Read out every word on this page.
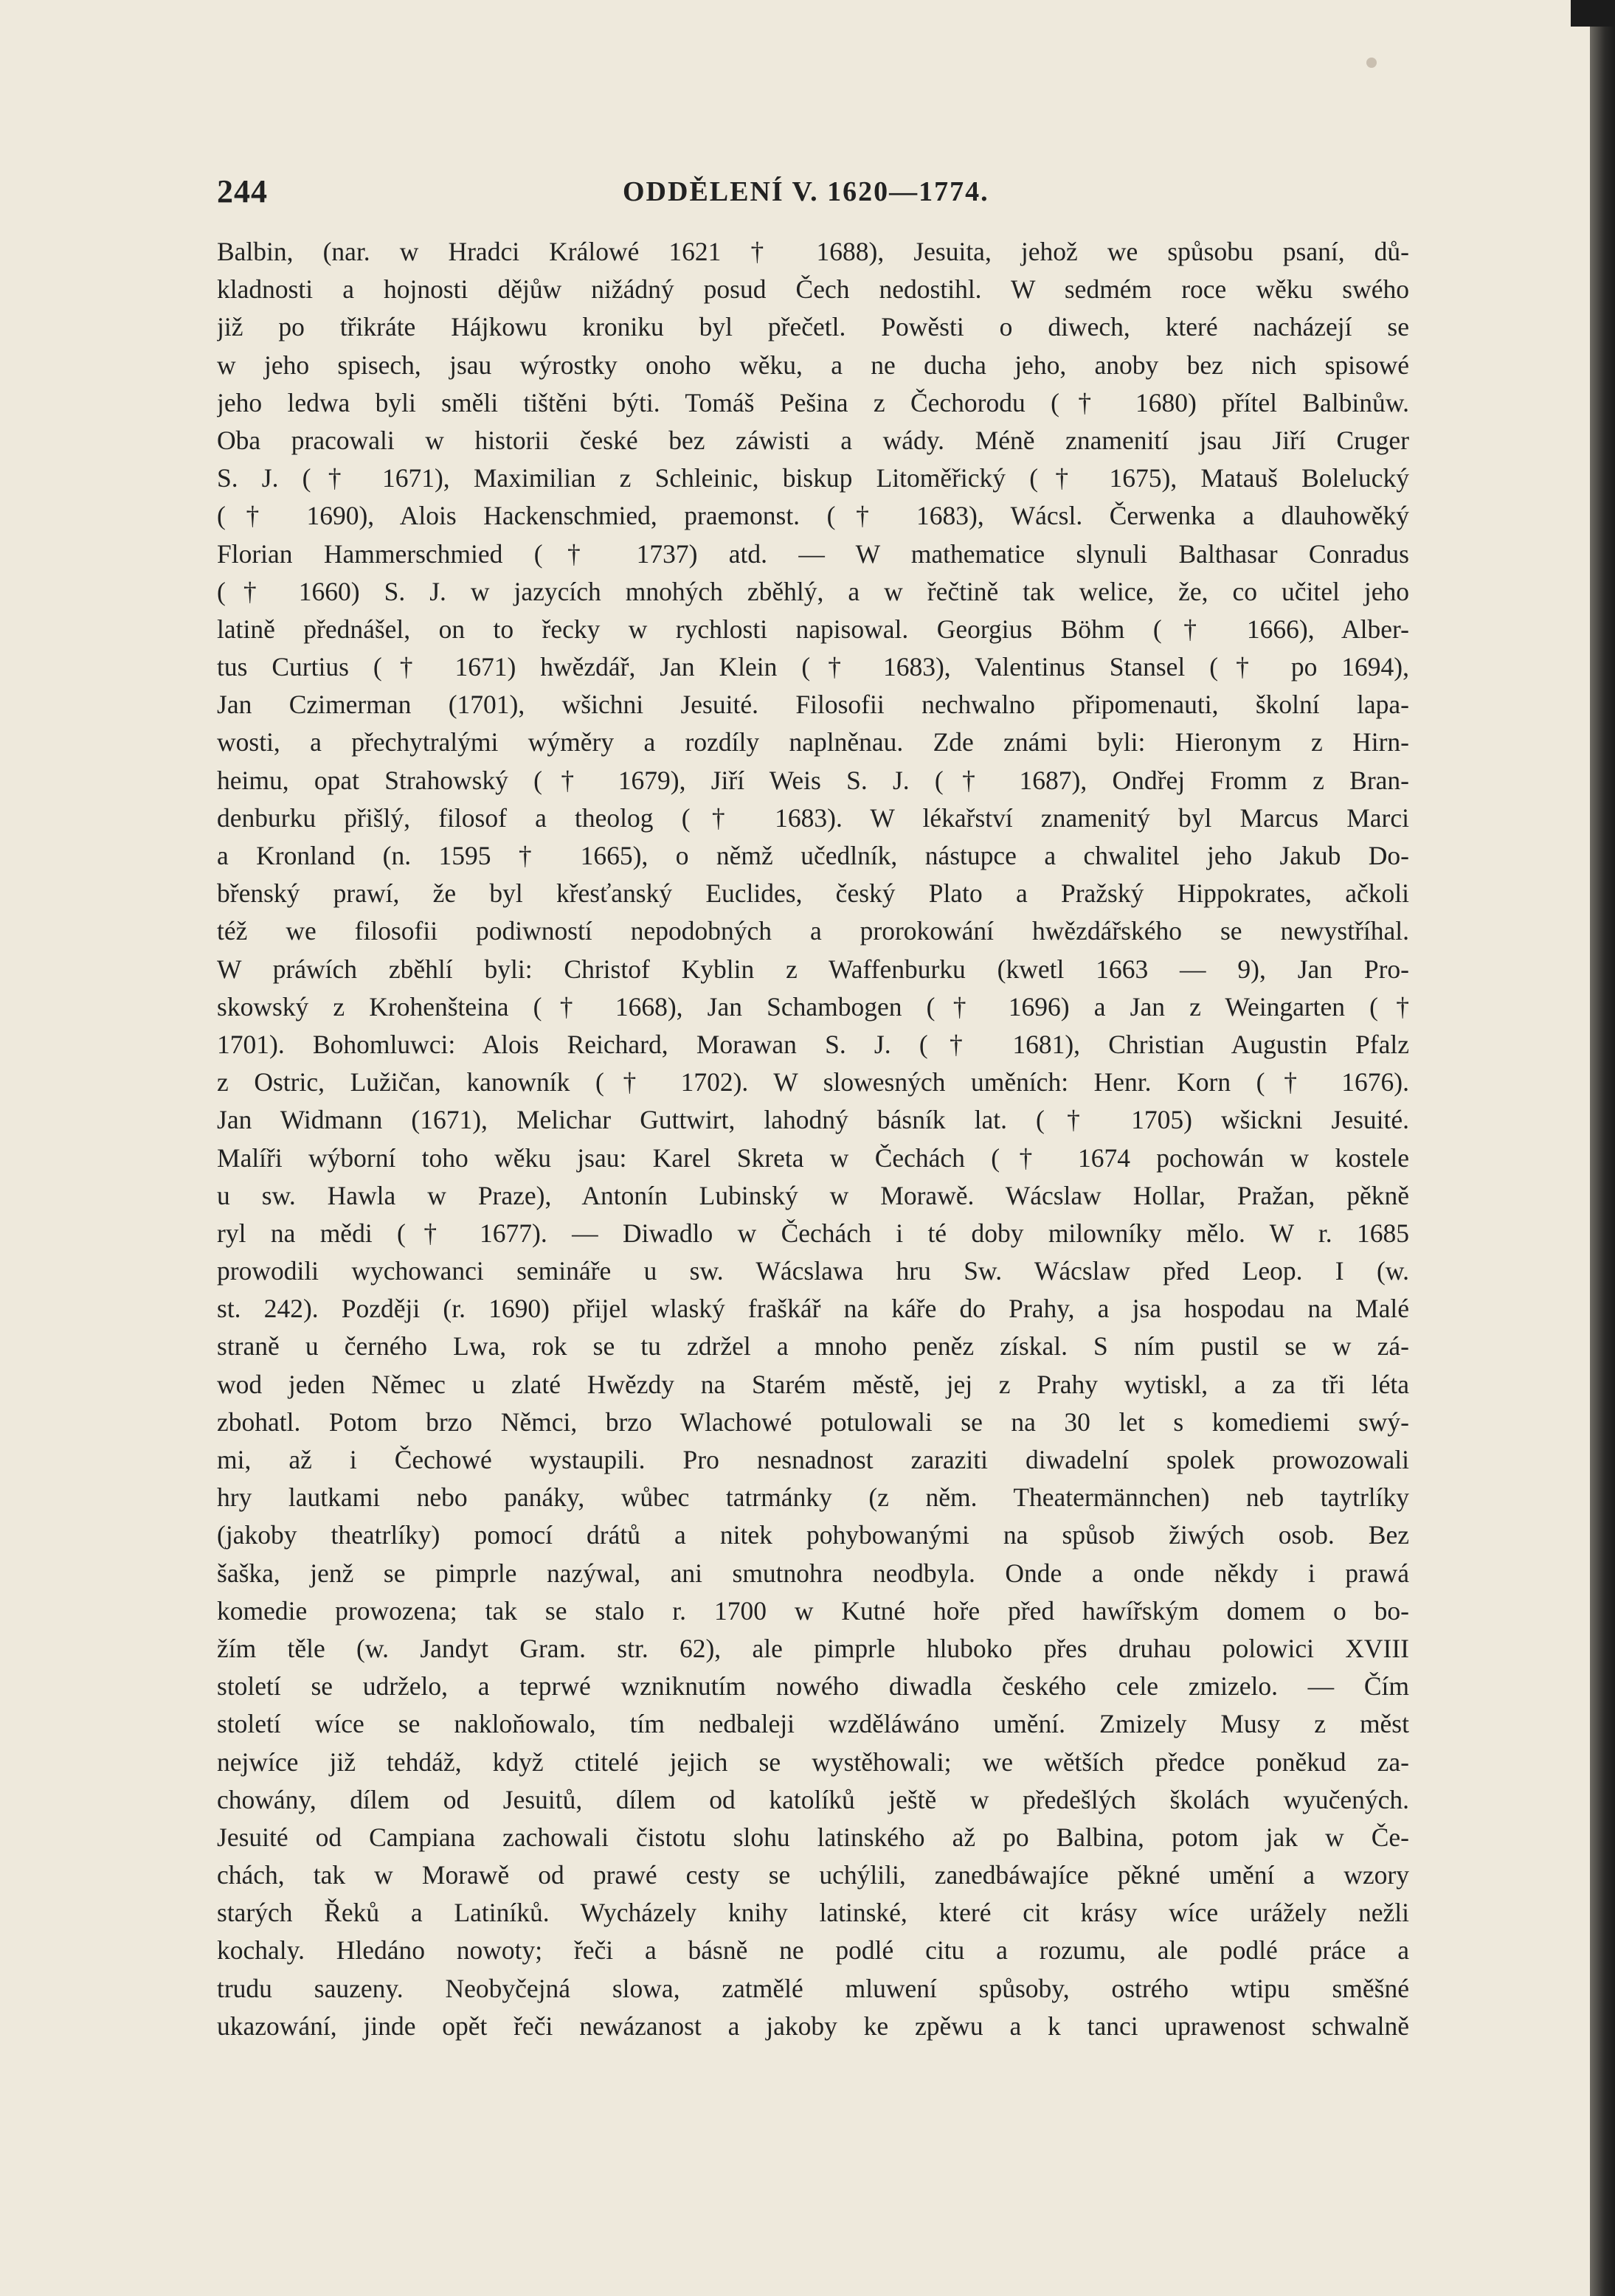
244	ODDĚLENÍ V. 1620—1774.
Balbin, (nar. w Hradci Králowé 1621 † 1688), Jesuita, jehož we spůsobu psaní, dů-
kladnosti a hojnosti dějůw nižádný posud Čech nedostihl. W sedmém roce wěku swého
již po třikráte Hájkowu kroniku byl přečetl. Powěsti o diwech, které nacházejí se
w jeho spisech, jsau wýrostky onoho wěku, a ne ducha jeho, anoby bez nich spisowé
jeho ledwa byli směli tištěni býti. Tomáš Pešina z Čechorodu († 1680) přítel Balbinůw.
Oba pracowali w historii české bez záwisti a wády. Méně znamenití jsau Jiří Cruger
S. J. († 1671), Maximilian z Schleinic, biskup Litoměřický († 1675), Matauš Bolelucký
(† 1690), Alois Hackenschmied, praemonst. († 1683), Wácsl. Čerwenka a dlauhowěký
Florian Hammerschmied († 1737) atd. — W mathematice slynuli Balthasar Conradus
(† 1660) S. J. w jazycích mnohých zběhlý, a w řečtině tak welice, že, co učitel jeho
latině přednášel, on to řecky w rychlosti napisowal. Georgius Böhm († 1666), Alber-
tus Curtius († 1671) hwězdář, Jan Klein († 1683), Valentinus Stansel († po 1694),
Jan Czimerman (1701), wšichni Jesuité. Filosofii nechwalno připomenauti, školní lapa-
wosti, a přechytralými wýměry a rozdíly naplněnau. Zde známi byli: Hieronym z Hirn-
heimu, opat Strahowský († 1679), Jiří Weis S. J. († 1687), Ondřej Fromm z Bran-
denburku přišlý, filosof a theolog († 1683). W lékařství znamenitý byl Marcus Marci
a Kronland (n. 1595 † 1665), o němž učedlník, nástupce a chwalitel jeho Jakub Do-
břenský prawí, že byl křesťanský Euclides, český Plato a Pražský Hippokrates, ačkoli
též we filosofii podiwností nepodobných a prorokowání hwězdářského se newystříhal.
W práwích zběhlí byli: Christof Kyblin z Waffenburku (kwetl 1663 — 9), Jan Pro-
skowský z Krohenšteina († 1668), Jan Schambogen († 1696) a Jan z Weingarten (†
1701). Bohomluwci: Alois Reichard, Morawan S. J. († 1681), Christian Augustin Pfalz
z Ostric, Lužičan, kanowník († 1702). W slowesných uměních: Henr. Korn († 1676).
Jan Widmann (1671), Melichar Guttwirt, lahodný básník lat. († 1705) wšickni Jesuité.
Malíři wýborní toho wěku jsau: Karel Skreta w Čechách († 1674 pochowán w kostele
u sw. Hawla w Praze), Antonín Lubinský w Morawě. Wácslaw Hollar, Pražan, pěkně
ryl na mědi († 1677). — Diwadlo w Čechách i té doby milowníky mělo. W r. 1685
prowodili wychowanci semináře u sw. Wácslawa hru Sw. Wácslaw před Leop. I (w.
st. 242). Později (r. 1690) přijel wlaský fraškář na káře do Prahy, a jsa hospodau na Malé
straně u černého Lwa, rok se tu zdržel a mnoho peněz získal. S ním pustil se w zá-
wod jeden Němec u zlaté Hwězdy na Starém městě, jej z Prahy wytiskl, a za tři léta
zbohatl. Potom brzo Němci, brzo Wlachowé potulowali se na 30 let s komediemi swý-
mi, až i Čechowé wystaupili. Pro nesnadnost zaraziti diwadelní spolek prowozowali
hry lautkami nebo panáky, wůbec tatrmánky (z něm. Theatermännchen) neb taytrlíky
(jakoby theatrlíky) pomocí drátů a nitek pohybowanými na spůsob žiwých osob. Bez
šaška, jenž se pimprle nazýwal, ani smutnohra neodbyla. Onde a onde někdy i prawá
komedie prowozena; tak se stalo r. 1700 w Kutné hoře před hawířským domem o bo-
žím těle (w. Jandyt Gram. str. 62), ale pimprle hluboko přes druhau polowici XVIII
století se udrželo, a teprwé wzniknutím nowého diwadla českého cele zmizelo. — Čím
století wíce se nakloňowalo, tím nedbaleji wzděláwáno umění. Zmizely Musy z měst
nejwíce již tehdáž, když ctitelé jejich se wystěhowali; we wětších předce poněkud za-
chowány, dílem od Jesuitů, dílem od katolíků ještě w předešlých školách wyučených.
Jesuité od Campiana zachowali čistotu slohu latinského až po Balbina, potom jak w Če-
chách, tak w Morawě od prawé cesty se uchýlili, zanedbáwajíce pěkné umění a wzory
starých Řeků a Latiníků. Wycházely knihy latinské, které cit krásy wíce urážely nežli
kochaly. Hledáno nowoty; řeči a básně ne podlé citu a rozumu, ale podlé práce a
trudu sauzeny. Neobyčejná slowa, zatmělé mluwení spůsoby, ostrého wtipu směšné
ukazowání, jinde opět řeči newázanost a jakoby ke zpěwu a k tanci uprawenost schwalně
